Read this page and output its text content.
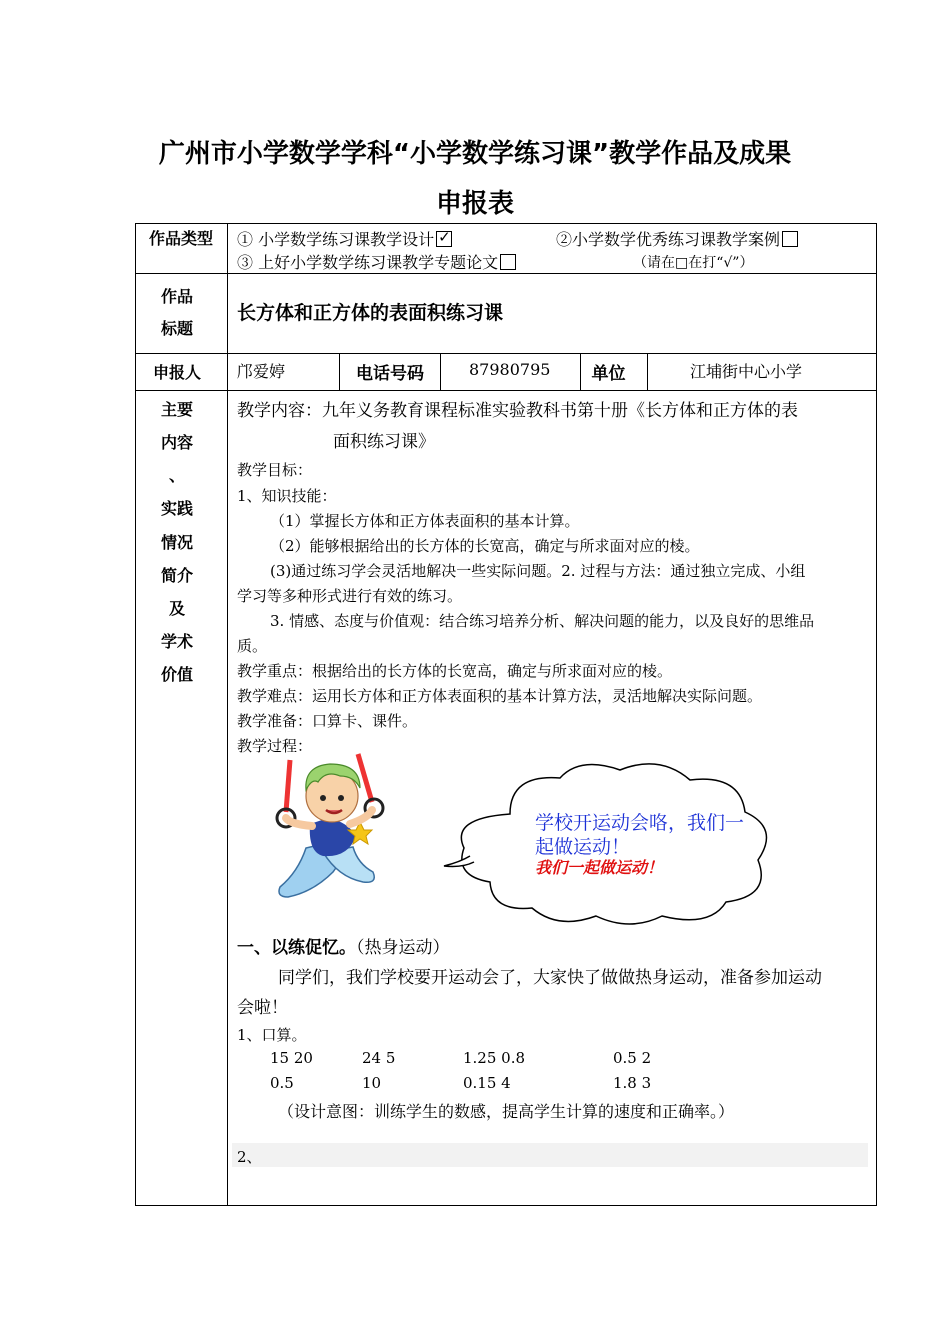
广州市小学数学学科“小学数学练习课”教学作品及成果
申报表
作品类型 ① 小学数学练习课教学设计✓	②小学数学优秀练习课教学案例
③ 上好小学数学练习课教学专题论文	（请在□在打“√”）
作品
标题
长方体和正方体的表面积练习课
申报人	邝爱婷	电话号码	87980795	单位	江埔街中心小学
主要
内容
、
实践
情况
简介
及
学术
价值
教学内容：九年义务教育课程标准实验教科书第十册《长方体和正方体的表
面积练习课》
教学目标：
1、知识技能：
（1）掌握长方体和正方体表面积的基本计算。
（2）能够根据给出的长方体的长宽高，确定与所求面对应的棱。
(3)通过练习学会灵活地解决一些实际问题。2. 过程与方法：通过独立完成、小组
学习等多种形式进行有效的练习。
3. 情感、态度与价值观：结合练习培养分析、解决问题的能力，以及良好的思维品
质。
教学重点：根据给出的长方体的长宽高，确定与所求面对应的棱。
教学难点：运用长方体和正方体表面积的基本计算方法，灵活地解决实际问题。
教学准备：口算卡、课件。
教学过程：
学校开运动会咯，我们一
起做运动！
我们一起做运动！
一、以练促忆。（热身运动）
同学们，我们学校要开运动会了，大家快了做做热身运动，准备参加运动
会啦！
1、口算。
15 20	24 5	1.25 0.8	0.5 2
0.5	10	0.15 4	1.8 3
（设计意图：训练学生的数感，提高学生计算的速度和正确率。）
2、
